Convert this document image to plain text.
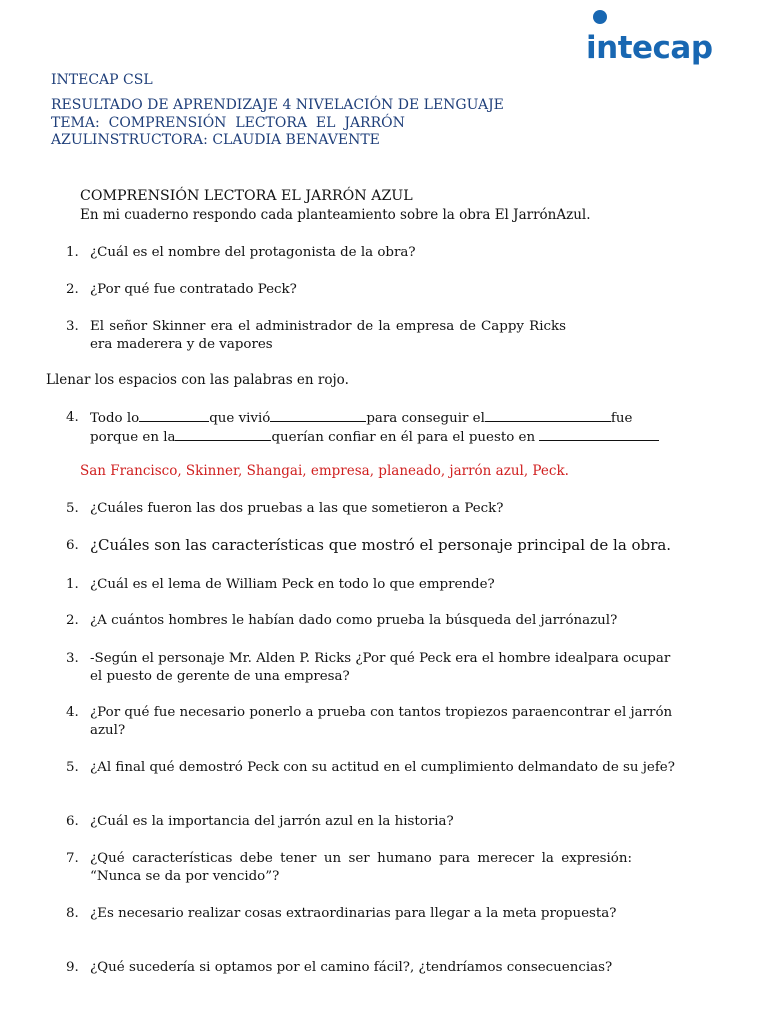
intecap
INTECAP CSL
RESULTADO DE APRENDIZAJE 4 NIVELACIÓN DE LENGUAJE
TEMA:  COMPRENSIÓN  LECTORA  EL  JARRÓN
AZULINSTRUCTORA: CLAUDIA BENAVENTE
COMPRENSIÓN LECTORA EL JARRÓN AZUL
En mi cuaderno respondo cada planteamiento sobre la obra El JarrónAzul.
1. ¿Cuál es el nombre del protagonista de la obra?
2. ¿Por qué fue contratado Peck?
3. El señor Skinner era el administrador de la empresa de Cappy Ricks era maderera y de vapores
Llenar los espacios con las palabras en rojo.
4. Todo lo	que vivió	para conseguir el	fue
porque en la	querían confiar en él para el puesto en
San Francisco, Skinner, Shangai, empresa, planeado, jarrón azul, Peck.
5. ¿Cuáles fueron las dos pruebas a las que sometieron a Peck?
6. ¿Cuáles son las características que mostró el personaje principal de la obra.
1. ¿Cuál es el lema de William Peck en todo lo que emprende?
2. ¿A cuántos hombres le habían dado como prueba la búsqueda del jarrónazul?
3. -Según el personaje Mr. Alden P. Ricks ¿Por qué Peck era el hombre idealpara ocupar el puesto de gerente de una empresa?
4. ¿Por qué fue necesario ponerlo a prueba con tantos tropiezos paraencontrar el jarrón azul?
5. ¿Al final qué demostró Peck con su actitud en el cumplimiento delmandato de su jefe?
6. ¿Cuál es la importancia del jarrón azul en la historia?
7. ¿Qué características debe tener un ser humano para merecer la expresión: “Nunca se da por vencido”?
8. ¿Es necesario realizar cosas extraordinarias para llegar a la meta propuesta?
9. ¿Qué sucedería si optamos por el camino fácil?, ¿tendríamos consecuencias?
